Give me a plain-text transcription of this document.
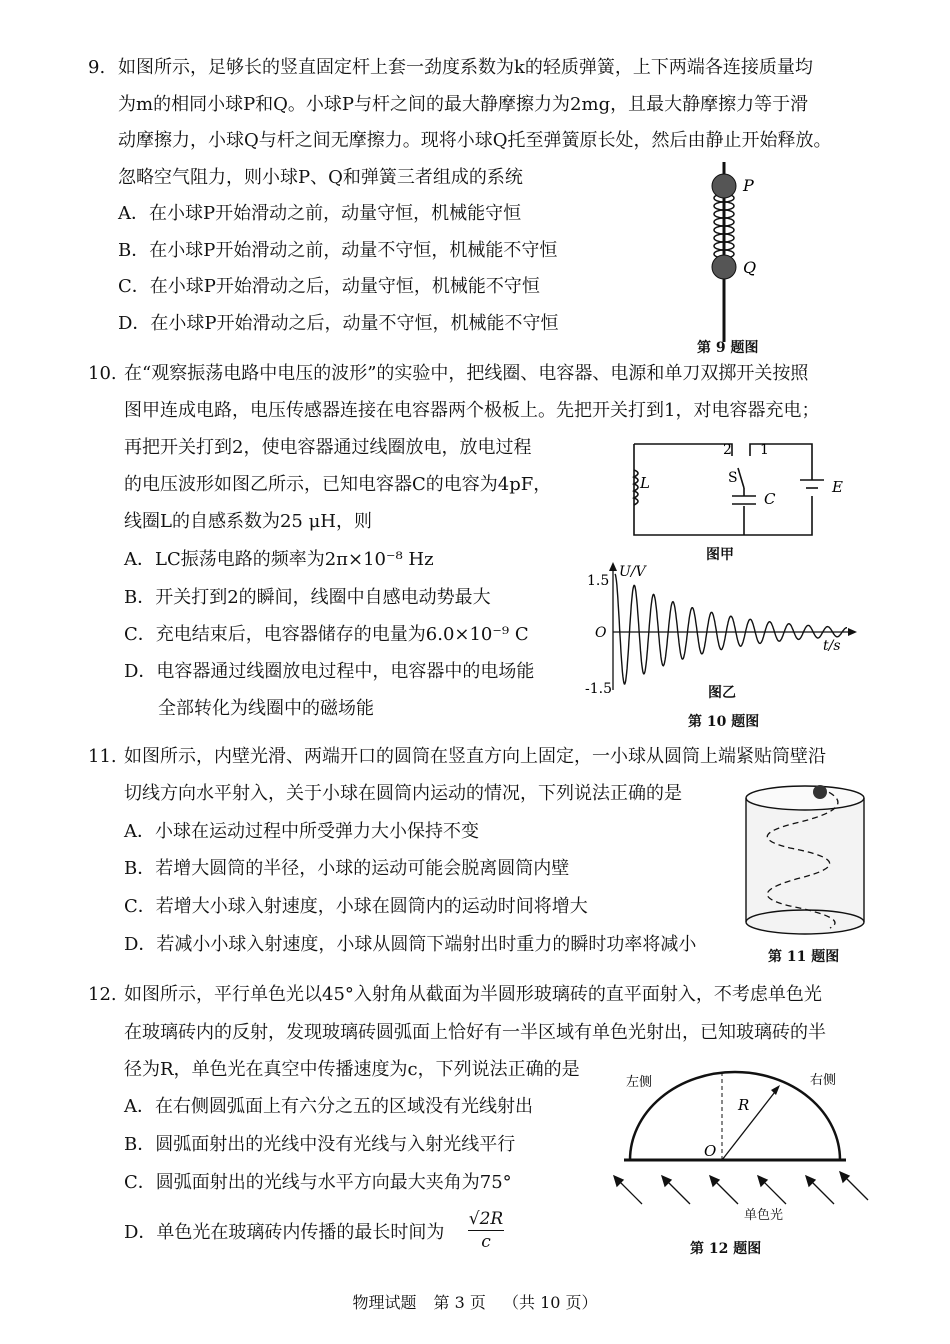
9. 如图所示，足够长的竖直固定杆上套一劲度系数为k的轻质弹簧，上下两端各连接质量均
为m的相同小球P和Q。小球P与杆之间的最大静摩擦力为2mg，且最大静摩擦力等于滑
动摩擦力，小球Q与杆之间无摩擦力。现将小球Q托至弹簧原长处，然后由静止开始释放。
忽略空气阻力，则小球P、Q和弹簧三者组成的系统
A．在小球P开始滑动之前，动量守恒，机械能守恒
B．在小球P开始滑动之前，动量不守恒，机械能不守恒
C．在小球P开始滑动之后，动量守恒，机械能不守恒
D．在小球P开始滑动之后，动量不守恒，机械能不守恒
P
Q
第 9 题图
10. 在“观察振荡电路中电压的波形”的实验中，把线圈、电容器、电源和单刀双掷开关按照
图甲连成电路，电压传感器连接在电容器两个极板上。先把开关打到1，对电容器充电；
再把开关打到2，使电容器通过线圈放电，放电过程
的电压波形如图乙所示，已知电容器C的电容为4pF，
线圈L的自感系数为25 μH，则
A．LC振荡电路的频率为2π×10⁻⁸ Hz
B．开关打到2的瞬间，线圈中自感电动势最大
C．充电结束后，电容器储存的电量为6.0×10⁻⁹ C
D．电容器通过线圈放电过程中，电容器中的电场能
全部转化为线圈中的磁场能
L
C
E
S
2 1
图甲
U/V
1.5
-1.5
O
t/s
图乙
第 10 题图
11. 如图所示，内壁光滑、两端开口的圆筒在竖直方向上固定，一小球从圆筒上端紧贴筒壁沿
切线方向水平射入，关于小球在圆筒内运动的情况，下列说法正确的是
A．小球在运动过程中所受弹力大小保持不变
B．若增大圆筒的半径，小球的运动可能会脱离圆筒内壁
C．若增大小球入射速度，小球在圆筒内的运动时间将增大
D．若减小小球入射速度，小球从圆筒下端射出时重力的瞬时功率将减小
第 11 题图
12. 如图所示，平行单色光以45°入射角从截面为半圆形玻璃砖的直平面射入，不考虑单色光
在玻璃砖内的反射，发现玻璃砖圆弧面上恰好有一半区域有单色光射出，已知玻璃砖的半
径为R，单色光在真空中传播速度为c，下列说法正确的是
A．在右侧圆弧面上有六分之五的区域没有光线射出
B．圆弧面射出的光线中没有光线与入射光线平行
C．圆弧面射出的光线与水平方向最大夹角为75°
D．单色光在玻璃砖内传播的最长时间为 $\frac{√2R}{c}$
左侧	右侧
R
O
单色光
第 12 题图
物理试题 第 3 页 （共 10 页）
